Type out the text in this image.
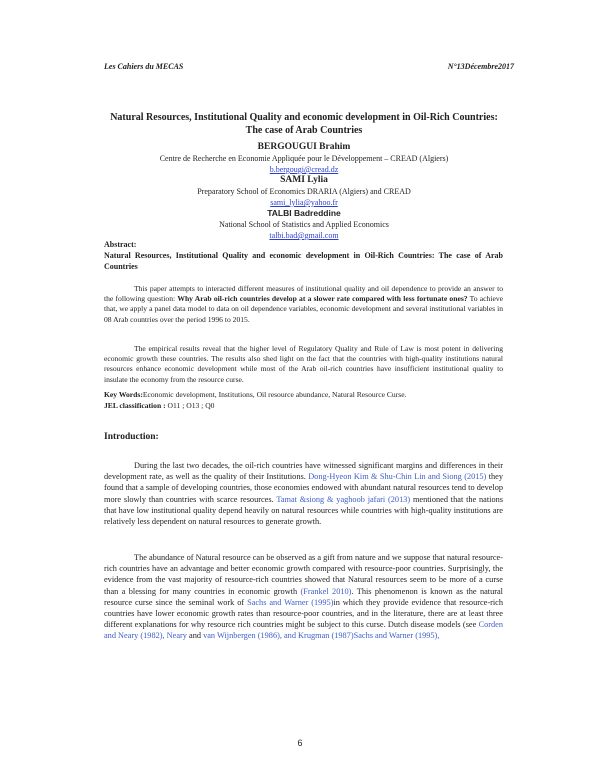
Les Cahiers du MECAS	N°13Décembre2017
Natural Resources, Institutional Quality and economic development in Oil-Rich Countries: The case of Arab Countries
BERGOUGUI Brahim
Centre de Recherche en Economie Appliquée pour le Développement – CREAD (Algiers)
b.bergougi@cread.dz
SAMI Lylia
Preparatory School of Economics DRARIA (Algiers) and CREAD
sami_lylia@yahoo.fr
TALBI Badreddine
National School of Statistics and Applied Economics
talbi.bad@gmail.com
Abstract:
Natural Resources, Institutional Quality and economic development in Oil-Rich Countries: The case of Arab Countries
This paper attempts to interacted different measures of institutional quality and oil dependence to provide an answer to the following question: Why Arab oil-rich countries develop at a slower rate compared with less fortunate ones? To achieve that, we apply a panel data model to data on oil dependence variables, economic development and several institutional variables in 08 Arab countries over the period 1996 to 2015.
The empirical results reveal that the higher level of Regulatory Quality and Rule of Law is most potent in delivering economic growth these countries. The results also shed light on the fact that the countries with high-quality institutions natural resources enhance economic development while most of the Arab oil-rich countries have insufficient institutional quality to insulate the economy from the resource curse.
Key Words:Economic development, Institutions, Oil resource abundance, Natural Resource Curse.
JEL classification : O11 ; O13 ; Q0
Introduction:
During the last two decades, the oil-rich countries have witnessed significant margins and differences in their development rate, as well as the quality of their Institutions. Dong-Hyeon Kim & Shu-Chin Lin and Siong (2015) they found that a sample of developing countries, those economies endowed with abundant natural resources tend to develop more slowly than countries with scarce resources. Tamat &siong & yaghoob jafari (2013) mentioned that the nations that have low institutional quality depend heavily on natural resources while countries with high-quality institutions are relatively less dependent on natural resources to generate growth.
The abundance of Natural resource can be observed as a gift from nature and we suppose that natural resource-rich countries have an advantage and better economic growth compared with resource-poor countries. Surprisingly, the evidence from the vast majority of resource-rich countries showed that Natural resources seem to be more of a curse than a blessing for many countries in economic growth (Frankel 2010). This phenomenon is known as the natural resource curse since the seminal work of Sachs and Warner (1995)in which they provide evidence that resource-rich countries have lower economic growth rates than resource-poor countries, and in the literature, there are at least three different explanations for why resource rich countries might be subject to this curse. Dutch disease models (see Corden and Neary (1982), Neary and van Wijnbergen (1986), and Krugman (1987)Sachs and Warner (1995),
6
